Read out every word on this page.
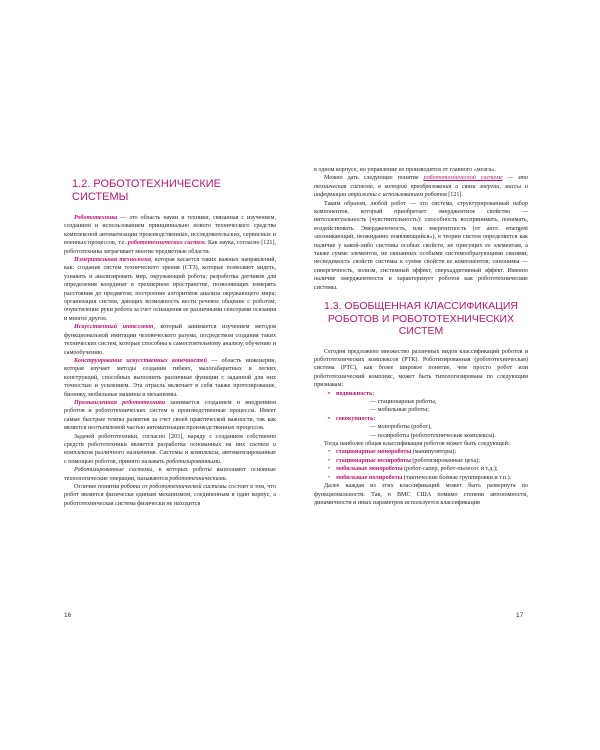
1.2. РОБОТОТЕХНИЧЕСКИЕ СИСТЕМЫ

Робототехника — это область науки и техники, связанная с изучением, созданием и использованием принципиально нового технического средства комплексной автоматизации производственных, исследовательских, сервисных и военных процессов, т.е. робототехнических систем. Как наука, согласно [121], робототехника затрагивает многие предметные области.

Измерительная технология, которая касается таких важных направлений, как: создание систем технического зрения (СТЗ), которые позволяют видеть, узнавать и анализировать мир, окружающий робота; разработка датчиков для определения координат в трехмерном пространстве, позволяющих измерять расстояния до предметов; построение алгоритмов анализа окружающего мира; организация систем, дающих возможность вести речевое общение с роботом; очувствление руки робота за счет оснащения ее различными сенсорами осязания и многое другое.

Искусственный интеллект, который занимается изучением методов функциональной имитации человеческого разума, посредством создания таких технических систем, которые способны к самостоятельному анализу, обучению и самообучению.

Конструирование искусственных конечностей — область инженерии, которая изучает методы создания гибких, малогабаритных и легких конструкций, способных выполнять различные функции с заданной для них точностью и усилением. Эта отрасль включает в себя также протезирование, бионику, мобильные машины и механизмы.

Промышленная робототехника занимается созданием и внедрением роботов и робототехнических систем в производственные процессы. Имеет самые быстрые темпы развития за счет своей практической важности, так как является неотъемлемой частью автоматизации производственных процессов.

Задачей робототехники, согласно [203], наряду с созданием собственно средств робототехники является разработка основанных на них систем и комплексов различного назначения. Системы и комплексы, автоматизированные с помощью роботов, принято называть роботизированными.

Роботизированные системы, в которых роботы выполняют основные технологические операции, называются робототехническими.

Отличие понятия робота от робототехнической системы состоит в том, что робот является физически единым механизмом, соединенным в один корпус, а робототехническая система физически не находится

16

в одном корпусе, но управление ее производится от главного «мозга».

Можно дать следующее понятие робототехнической системе — это техническая система, в которой преобразования и связи энергии, массы и информации отражены с использованием роботов [121].

Таким образом, любой робот — это система, структурированный набор компонентов, который приобретает эмерджентное свойство — интеллектуальность (чувствительность): способность воспринимать, понимать, воздействовать. Эмерджентность, или эмергентность (от англ. emergent «возникающий, неожиданно появляющийся»), в теории систем определяется как наличие у какой-либо системы особых свойств, не присущих ее элементам, а также сумме элементов, не связанных особыми системообразующими связями; несводимость свойств системы к сумме свойств ее компонентов; синонимы — синергичность, холизм, системный эффект, сверхаддитивный эффект. Именно наличие эмерджентности и характеризует роботов как робототехнические системы.

1.3. ОБОБЩЕННАЯ КЛАССИФИКАЦИЯ РОБОТОВ И РОБОТОТЕХНИЧЕСКИХ СИСТЕМ

Сегодня предложено множество различных видов классификаций роботов и робототехнических комплексов (РТК). Роботизированная (робототехническая) система (РТС), как более широкое понятие, чем просто робот или робототехнический комплекс, может быть типологизирована по следующим признакам:

• подвижность:
— стационарные роботы,
— мобильные роботы;
• совокупность:
— монороботы (робот),
— полироботы (робототехнические комплексы).

Тогда наиболее общая классификация роботов может быть следующей:

• стационарные монороботы (манипуляторы);
• стационарные полироботы (роботизированные цеха);
• мобильные монороботы (робот-сапер, робот-пылесос и т.д.);
• мобильные полироботы (тактические боевые группировки и т.п.).

Далее каждая из этих классификаций может быть развернута по функциональности. Так, в ВМС США помимо степени автономности, динамичности и иных параметров используется классификация

17
